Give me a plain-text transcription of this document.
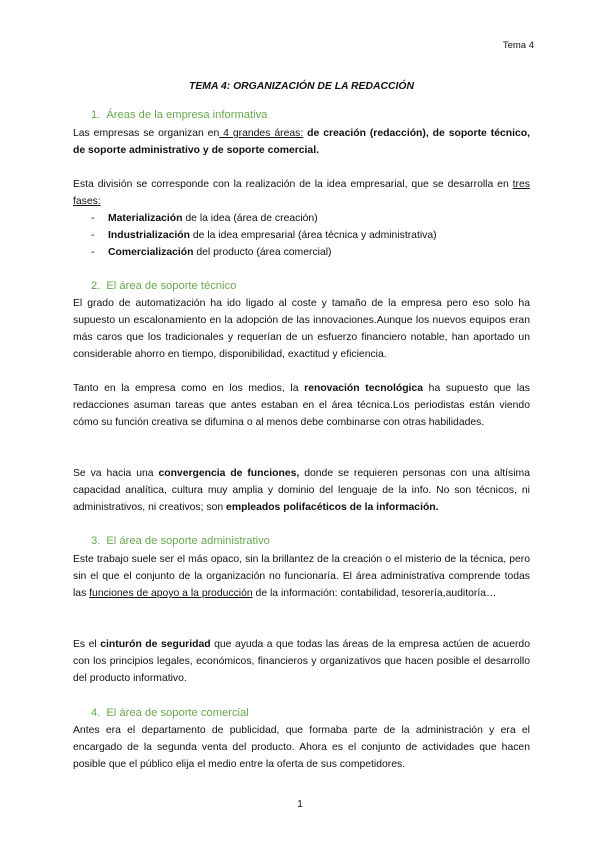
Tema 4
TEMA 4: ORGANIZACIÓN DE LA REDACCIÓN
1. Áreas de la empresa informativa
Las empresas se organizan en 4 grandes áreas: de creación (redacción), de soporte técnico, de soporte administrativo y de soporte comercial.
Esta división se corresponde con la realización de la idea empresarial, que se desarrolla en tres fases:
- Materialización de la idea (área de creación)
- Industrialización de la idea empresarial (área técnica y administrativa)
- Comercialización del producto (área comercial)
2. El área de soporte técnico
El grado de automatización ha ido ligado al coste y tamaño de la empresa pero eso solo ha supuesto un escalonamiento en la adopción de las innovaciones.Aunque los nuevos equipos eran más caros que los tradicionales y requerían de un esfuerzo financiero notable, han aportado un considerable ahorro en tiempo, disponibilidad, exactitud y eficiencia.
Tanto en la empresa como en los medios, la renovación tecnológica ha supuesto que las redacciones asuman tareas que antes estaban en el área técnica.Los periodistas están viendo cómo su función creativa se difumina o al menos debe combinarse con otras habilidades.
Se va hacia una convergencia de funciones, donde se requieren personas con una altísima capacidad analítica, cultura muy amplia y dominio del lenguaje de la info. No son técnicos, ni administrativos, ni creativos; son empleados polifacéticos de la información.
3. El área de soporte administrativo
Este trabajo suele ser el más opaco, sin la brillantez de la creación o el misterio de la técnica, pero sin el que el conjunto de la organización no funcionaría. El área administrativa comprende todas las funciones de apoyo a la producción de la información: contabilidad, tesorería,auditoría…
Es el cinturón de seguridad que ayuda a que todas las áreas de la empresa actúen de acuerdo con los principios legales, económicos, financieros y organizativos que hacen posible el desarrollo del producto informativo.
4. El área de soporte comercial
Antes era el departamento de publicidad, que formaba parte de la administración y era el encargado de la segunda venta del producto. Ahora es el conjunto de actividades que hacen posible que el público elija el medio entre la oferta de sus competidores.
1
